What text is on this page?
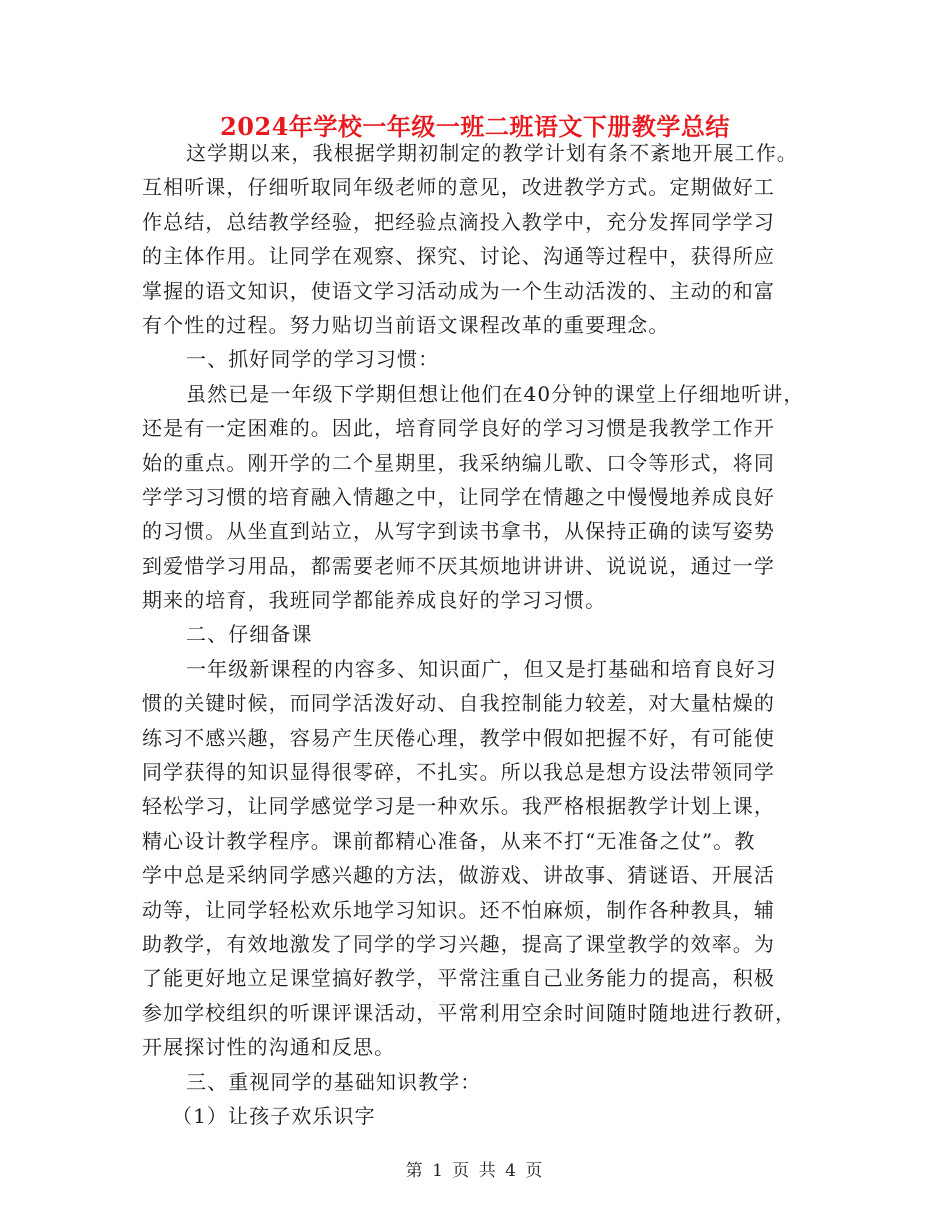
2024年学校一年级一班二班语文下册教学总结
这学期以来，我根据学期初制定的教学计划有条不紊地开展工作。
互相听课，仔细听取同年级老师的意见，改进教学方式。定期做好工
作总结，总结教学经验，把经验点滴投入教学中，充分发挥同学学习
的主体作用。让同学在观察、探究、讨论、沟通等过程中，获得所应
掌握的语文知识，使语文学习活动成为一个生动活泼的、主动的和富
有个性的过程。努力贴切当前语文课程改革的重要理念。
一、抓好同学的学习习惯：
虽然已是一年级下学期但想让他们在40分钟的课堂上仔细地听讲，
还是有一定困难的。因此，培育同学良好的学习习惯是我教学工作开
始的重点。刚开学的二个星期里，我采纳编儿歌、口令等形式，将同
学学习习惯的培育融入情趣之中，让同学在情趣之中慢慢地养成良好
的习惯。从坐直到站立，从写字到读书拿书，从保持正确的读写姿势
到爱惜学习用品，都需要老师不厌其烦地讲讲讲、说说说，通过一学
期来的培育，我班同学都能养成良好的学习习惯。
二、仔细备课
一年级新课程的内容多、知识面广，但又是打基础和培育良好习
惯的关键时候，而同学活泼好动、自我控制能力较差，对大量枯燥的
练习不感兴趣，容易产生厌倦心理，教学中假如把握不好，有可能使
同学获得的知识显得很零碎，不扎实。所以我总是想方设法带领同学
轻松学习，让同学感觉学习是一种欢乐。我严格根据教学计划上课，
精心设计教学程序。课前都精心准备，从来不打“无准备之仗”。教
学中总是采纳同学感兴趣的方法，做游戏、讲故事、猜谜语、开展活
动等，让同学轻松欢乐地学习知识。还不怕麻烦，制作各种教具，辅
助教学，有效地激发了同学的学习兴趣，提高了课堂教学的效率。为
了能更好地立足课堂搞好教学，平常注重自己业务能力的提高，积极
参加学校组织的听课评课活动，平常利用空余时间随时随地进行教研，
开展探讨性的沟通和反思。
三、重视同学的基础知识教学：
（1）让孩子欢乐识字
第 1 页 共 4 页
